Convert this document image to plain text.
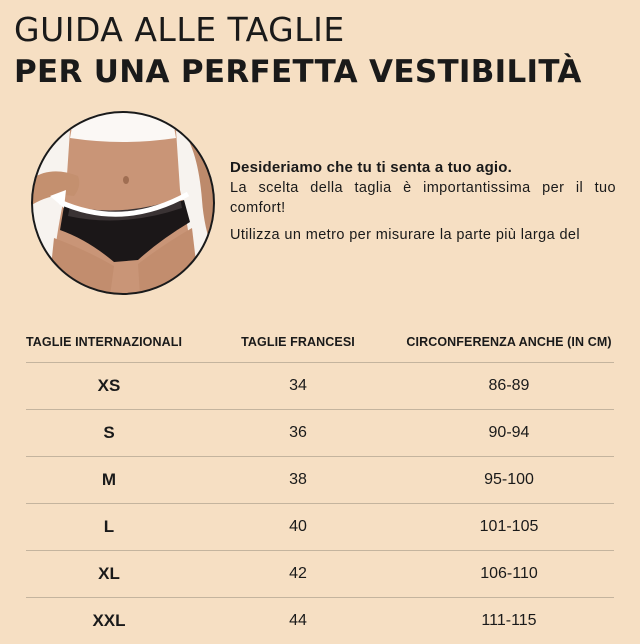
GUIDA ALLE TAGLIE
PER UNA PERFETTA VESTIBILITÀ

Desideriamo che tu ti senta a tuo agio.

La scelta della taglia è importantissima per il tuo comfort!

Utilizza un metro per misurare la parte più larga del

TAGLIE INTERNAZIONALI	TAGLIE FRANCESI	CIRCONFERENZA ANCHE (IN CM)
XS	34	86-89
S	36	90-94
M	38	95-100
L	40	101-105
XL	42	106-110
XXL	44	111-115
